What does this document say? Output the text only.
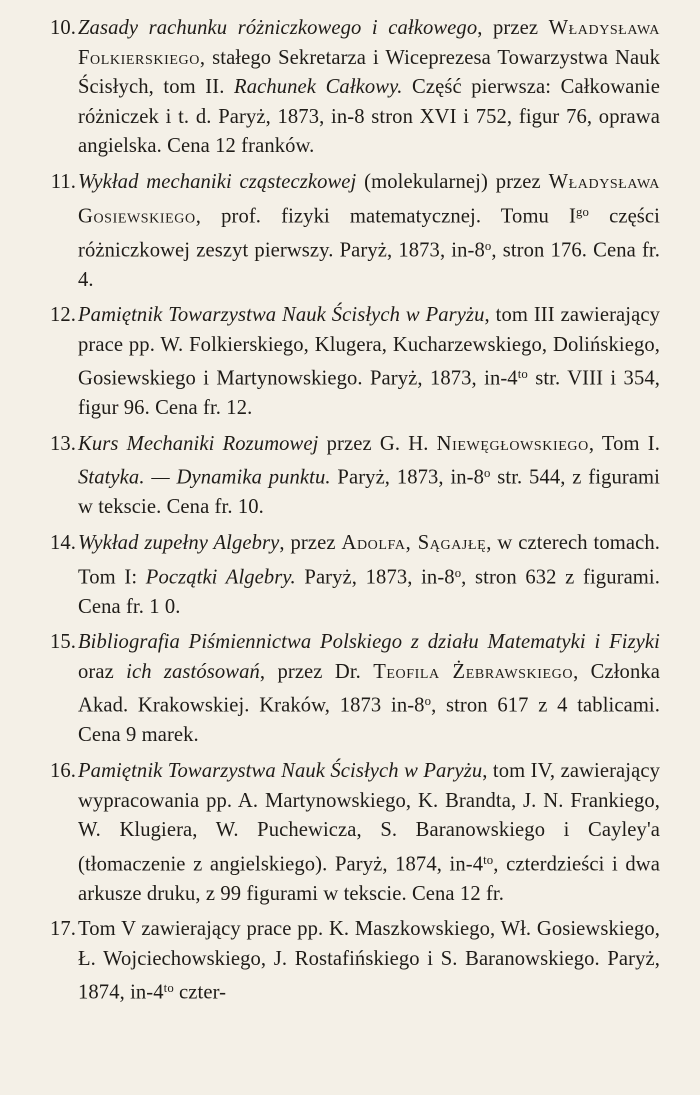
10. Zasady rachunku różniczkowego i całkowego, przez Władysława Folkierskiego, stałego Sekretarza i Wiceprezesa Towarzystwa Nauk Ścisłych, tom II. Rachunek Całkowy. Część pierwsza: Całkowanie różniczek i t. d. Paryż, 1873, in-8 stron XVI i 752, figur 76, oprawa angielska. Cena 12 franków.
11. Wykład mechaniki cząsteczkowej (molekularnej) przez Władysława Gosiewskiego, prof. fizyki matematycznej. Tomu $I^{go}$ części różniczkowej zeszyt pierwszy. Paryż, 1873, in-8$^o$, stron 176. Cena fr. 4.
12. Pamiętnik Towarzystwa Nauk Ścisłych w Paryżu, tom III zawierający prace pp. W. Folkierskiego, Klugera, Kucharzewskiego, Dolińskiego, Gosiewskiego i Martynowskiego. Paryż, 1873, $in-4^{to}$ str. VIII i 354, figur 96. Cena fr. 12.
13. Kurs Mechaniki Rozumowej przez G. H. Niewęgłowskiego, Tom I. Statyka. — Dynamika punktu. Paryż, 1873, in-8$^o$ str. 544, z figurami w tekscie. Cena fr. 10.
14. Wykład zupełny Algebry, przez Adolfa, Sągajłę, w czterech tomach. Tom I: Początki Algebry. Paryż, 1873, in-8$^o$, stron 632 z figurami. Cena fr. 1 0.
15. Bibliografia Piśmiennictwa Polskiego z działu Matematyki i Fizyki oraz ich zastósowań, przez Dr. Teofila Żebrawskiego, Członka Akad. Krakowskiej. Kraków, 1873 in-8$^o$, stron 617 z 4 tablicami. Cena 9 marek.
16. Pamiętnik Towarzystwa Nauk Ścisłych w Paryżu, tom IV, zawierający wypracowania pp. A. Martynowskiego, K. Brandta, J. N. Frankiego, W. Klugiera, W. Puchewicza, S. Baranowskiego i Cayley'a (tłomaczenie z angielskiego). Paryż, 1874, $in-4^{to}$, czterdzieści i dwa arkusze druku, z 99 figurami w tekscie. Cena 12 fr.
17. Tom V zawierający prace pp. K. Maszkowskiego, Wł. Gosiewskiego, Ł. Wojciechowskiego, J. Rostafińskiego i S. Baranowskiego. Paryż, 1874, $in-4^{to}$ czter-
